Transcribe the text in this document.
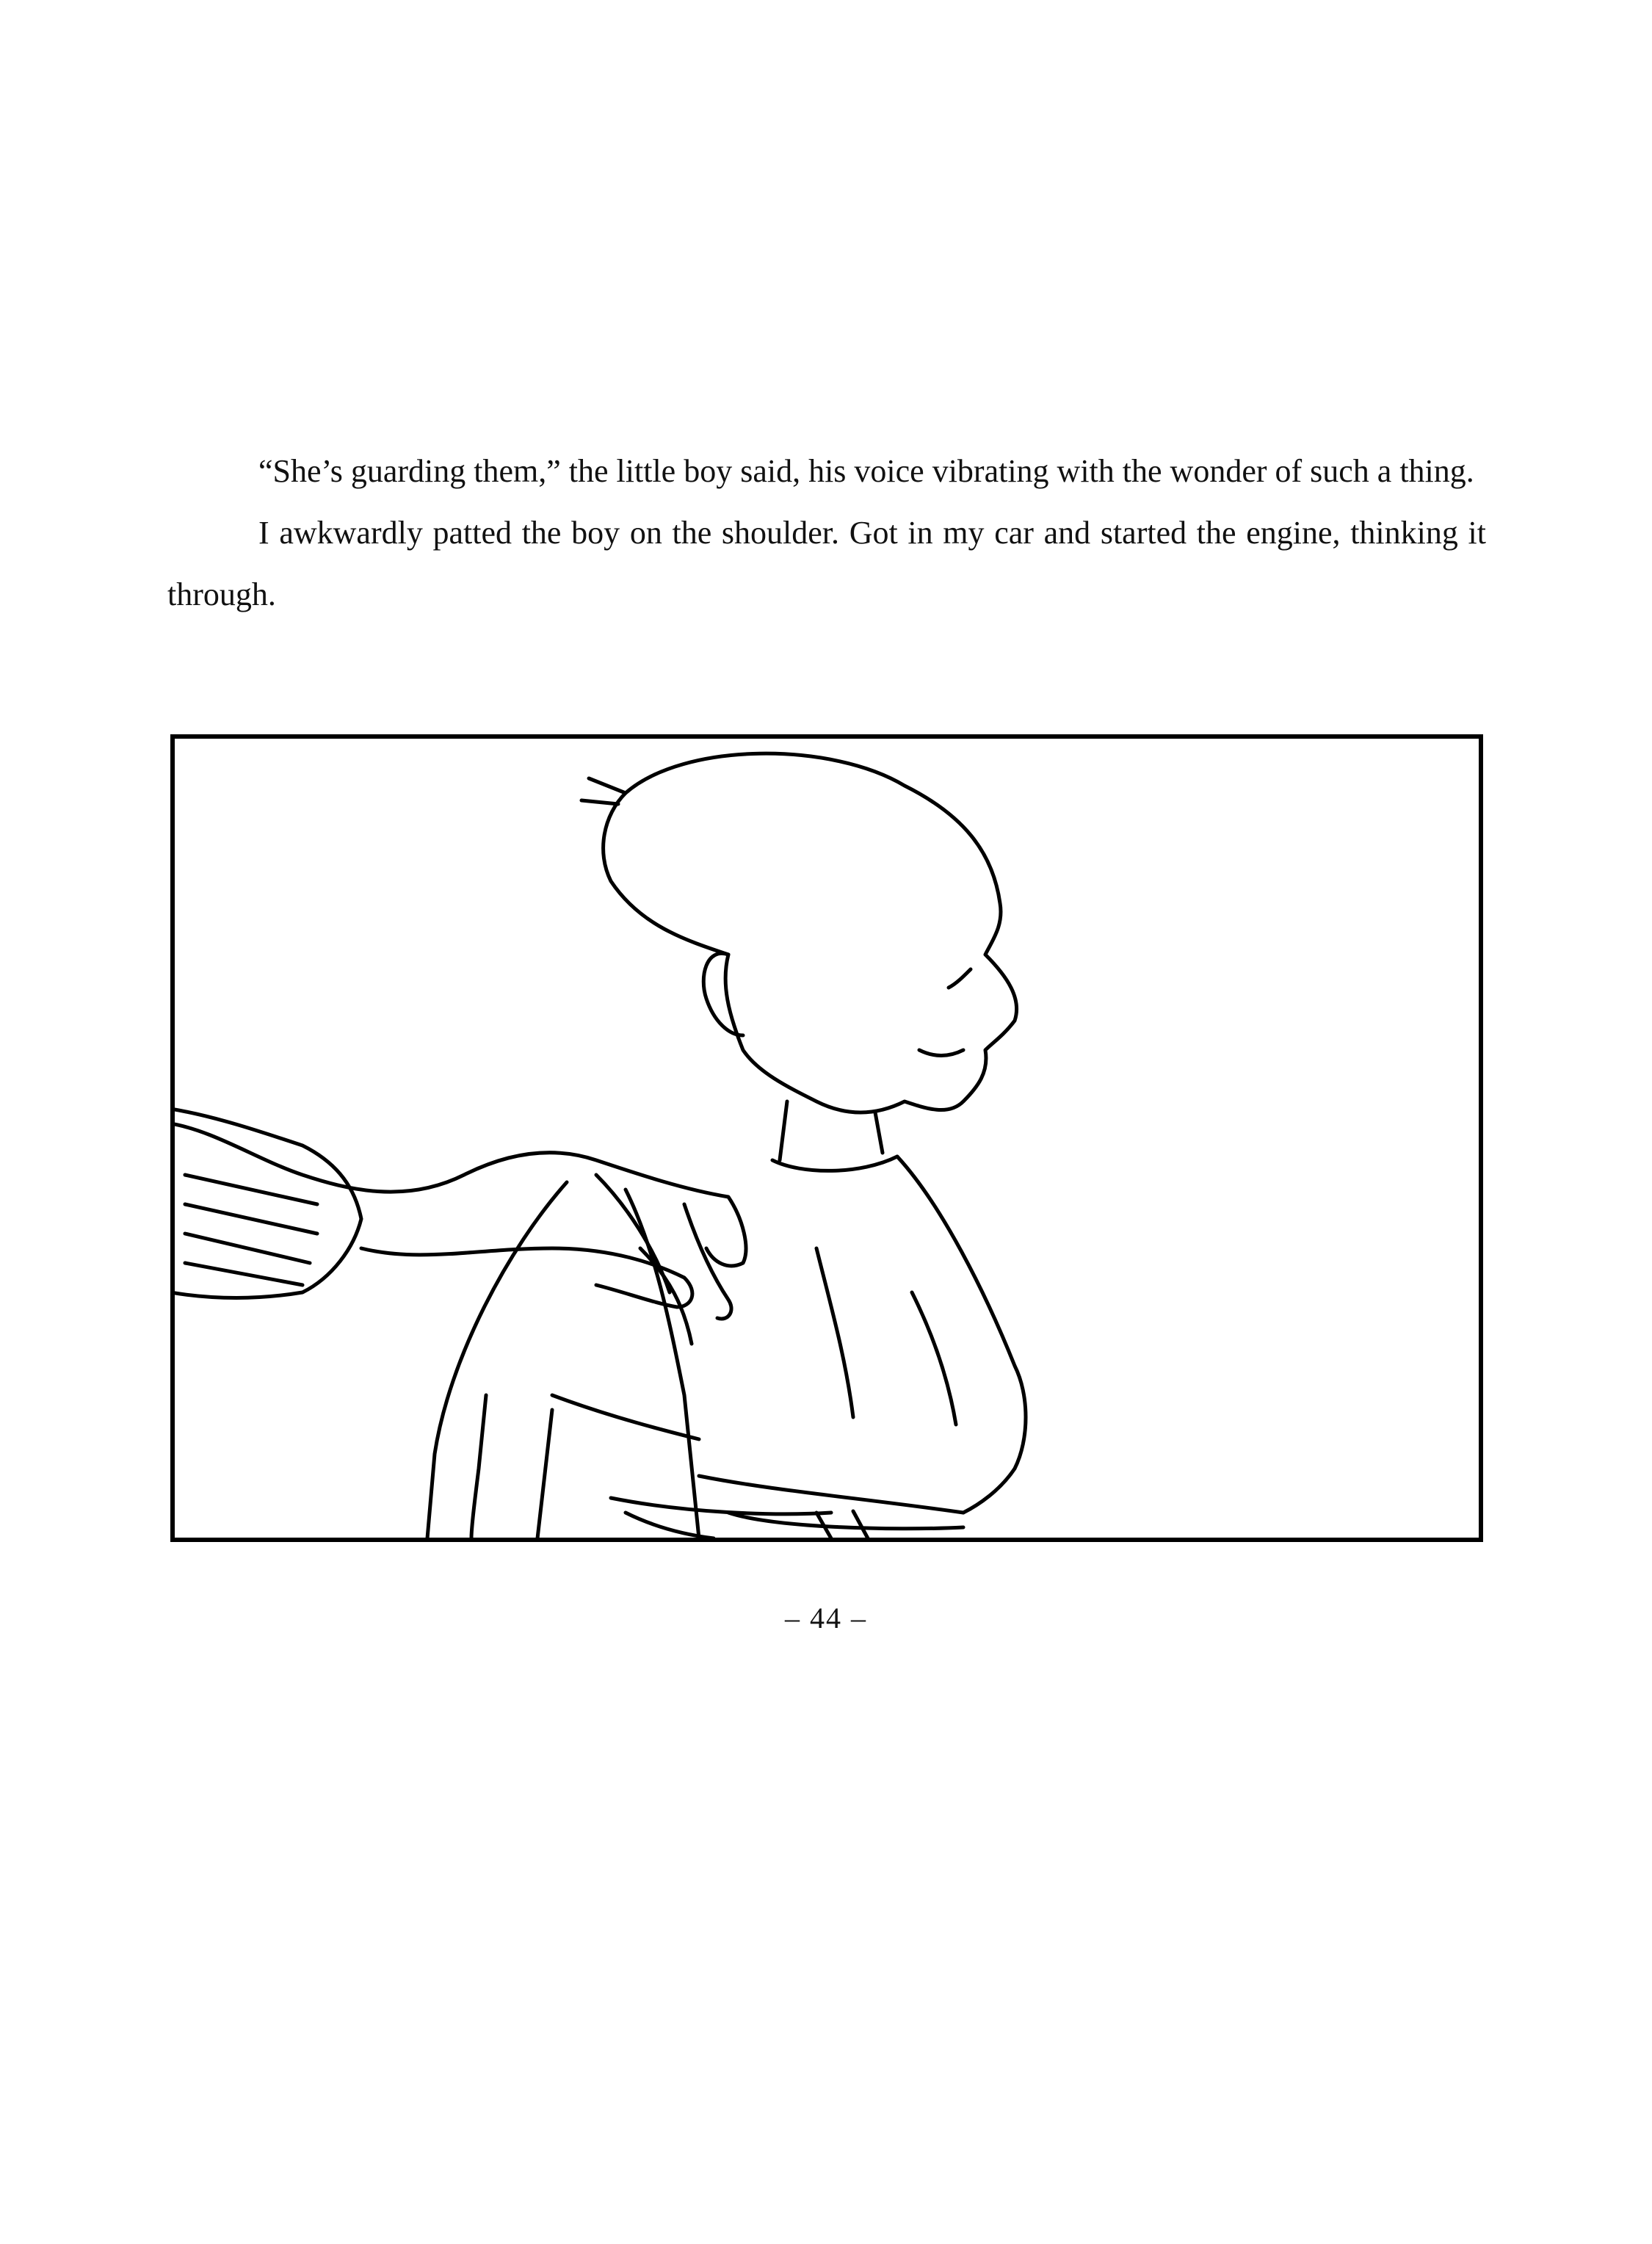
“She’s guarding them,” the little boy said, his voice vibrating with the wonder of such a thing.

I awkwardly patted the boy on the shoulder. Got in my car and started the engine, thinking it through.

– 44 –
